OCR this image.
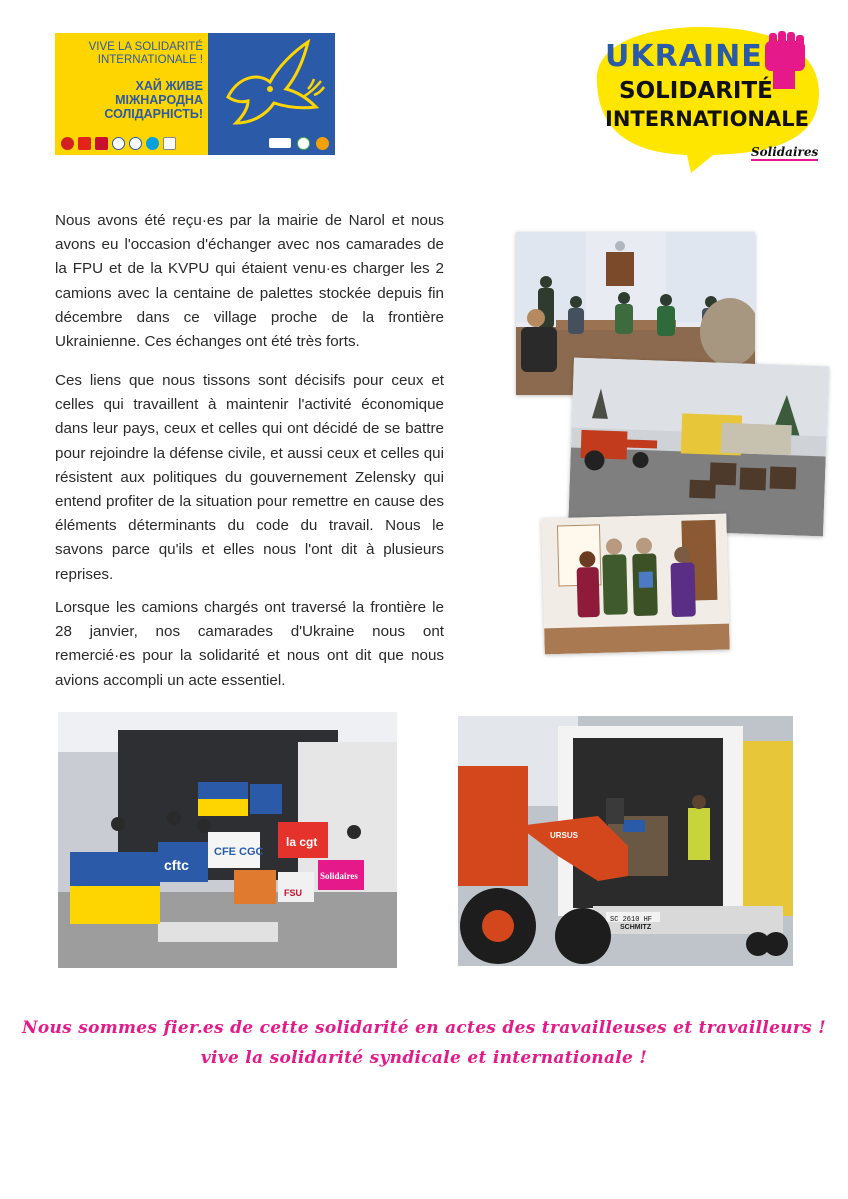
VIVE LA SOLIDARITÉ
INTERNATIONALE !
ХАЙ ЖИВЕ
МІЖНАРОДНА
СОЛІДАРНІСТЬ!
UKRAINE
SOLIDARITÉ
INTERNATIONALE
Solidaires
Nous avons été reçu·es par la mairie de Narol et nous avons eu l'occasion d'échanger avec nos camarades de la FPU et de la KVPU qui étaient venu·es charger les 2 camions avec la centaine de palettes stockée depuis fin décembre dans ce village proche de la frontière Ukrainienne. Ces échanges ont été très forts.
Ces liens que nous tissons sont décisifs pour ceux et celles qui travaillent à maintenir l'activité économique dans leur pays, ceux et celles qui ont décidé de se battre pour rejoindre la défense civile, et aussi ceux et celles qui résistent aux politiques du gouvernement Zelensky qui entend profiter de la situation pour remettre en cause des éléments déterminants du code du travail. Nous le savons parce qu'ils et elles nous l'ont dit à plusieurs reprises.
Lorsque les camions chargés ont traversé la frontière le 28 janvier, nos camarades d'Ukraine nous ont remercié·es pour la solidarité et nous ont dit que nous avions accompli un acte essentiel.
cftc
CFE CGC
la cgt
Solidaires
FSU
SC 2610 HF
SCHMITZ
URSUS
Nous sommes fier.es de cette solidarité en actes des travailleuses et travailleurs !
vive la solidarité syndicale et internationale !
